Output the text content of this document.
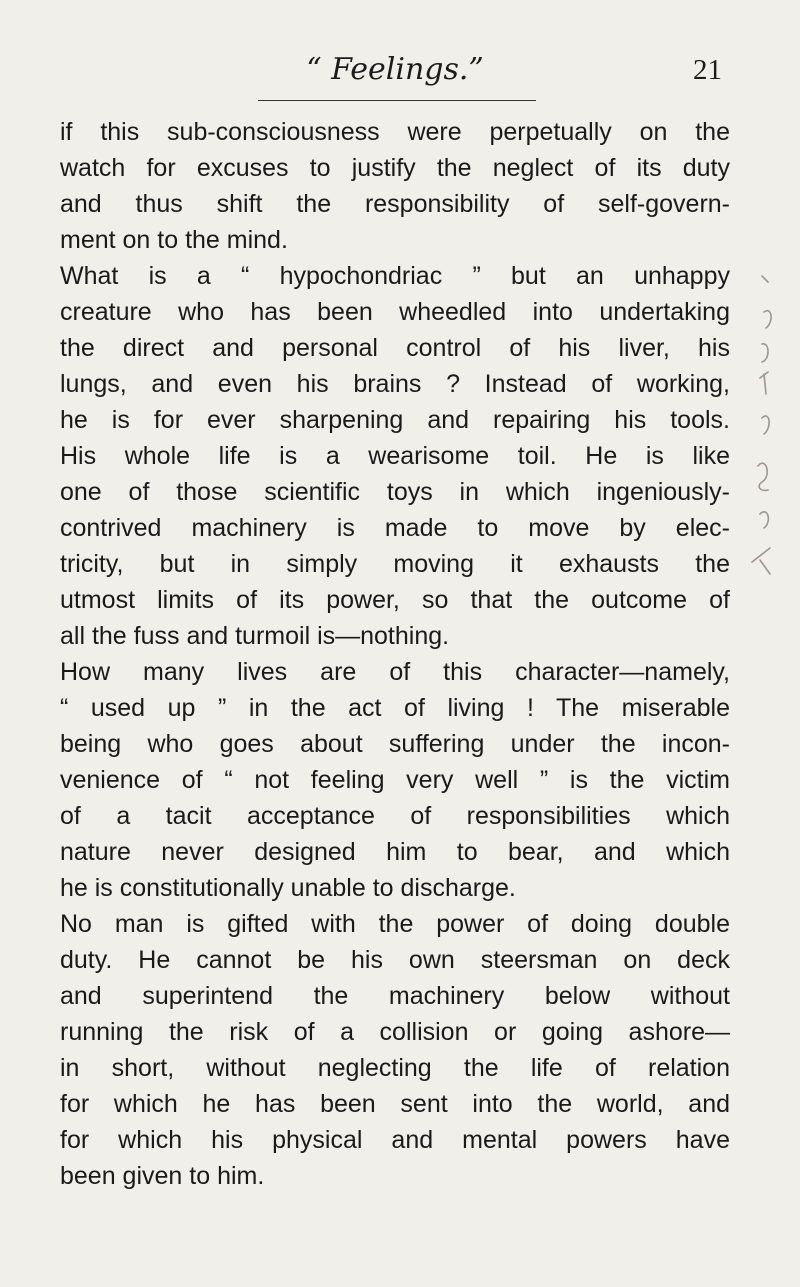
“ Feelings.”	21
if this sub-consciousness were perpetually on the
watch for excuses to justify the neglect of its duty
and thus shift the responsibility of self-govern-
ment on to the mind.
What is a “ hypochondriac ” but an unhappy
creature who has been wheedled into undertaking
the direct and personal control of his liver, his
lungs, and even his brains ? Instead of working,
he is for ever sharpening and repairing his tools.
His whole life is a wearisome toil. He is like
one of those scientific toys in which ingeniously-
contrived machinery is made to move by elec-
tricity, but in simply moving it exhausts the
utmost limits of its power, so that the outcome of
all the fuss and turmoil is—nothing.
How many lives are of this character—namely,
“ used up ” in the act of living ! The miserable
being who goes about suffering under the incon-
venience of “ not feeling very well ” is the victim
of a tacit acceptance of responsibilities which
nature never designed him to bear, and which
he is constitutionally unable to discharge.
No man is gifted with the power of doing double
duty. He cannot be his own steersman on deck
and superintend the machinery below without
running the risk of a collision or going ashore—
in short, without neglecting the life of relation
for which he has been sent into the world, and
for which his physical and mental powers have
been given to him.
